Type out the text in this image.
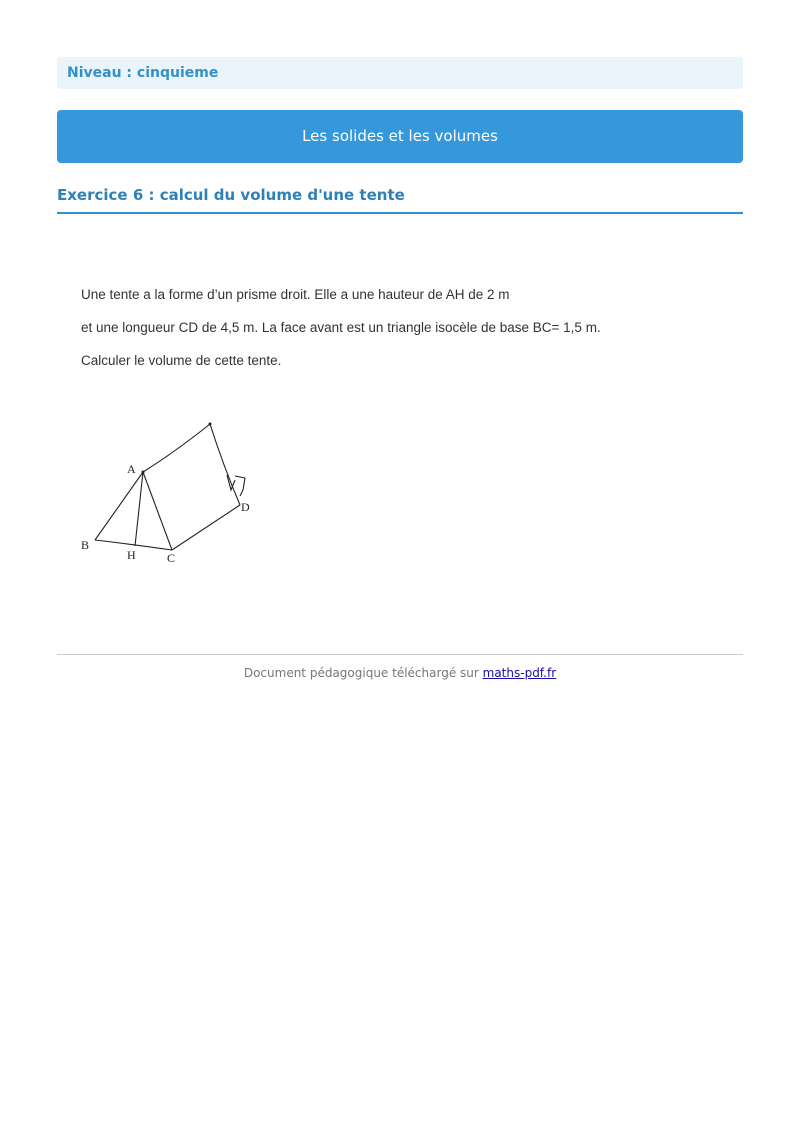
Niveau : cinquieme
Les solides et les volumes
Exercice 6 : calcul du volume d'une tente
Une tente a la forme d’un prisme droit. Elle a une hauteur de AH de 2 m
et une longueur CD de 4,5 m. La face avant est un triangle isocèle de base BC= 1,5 m.
Calculer le volume de cette tente.
A
B
H	C
D
Document pédagogique téléchargé sur maths-pdf.fr
